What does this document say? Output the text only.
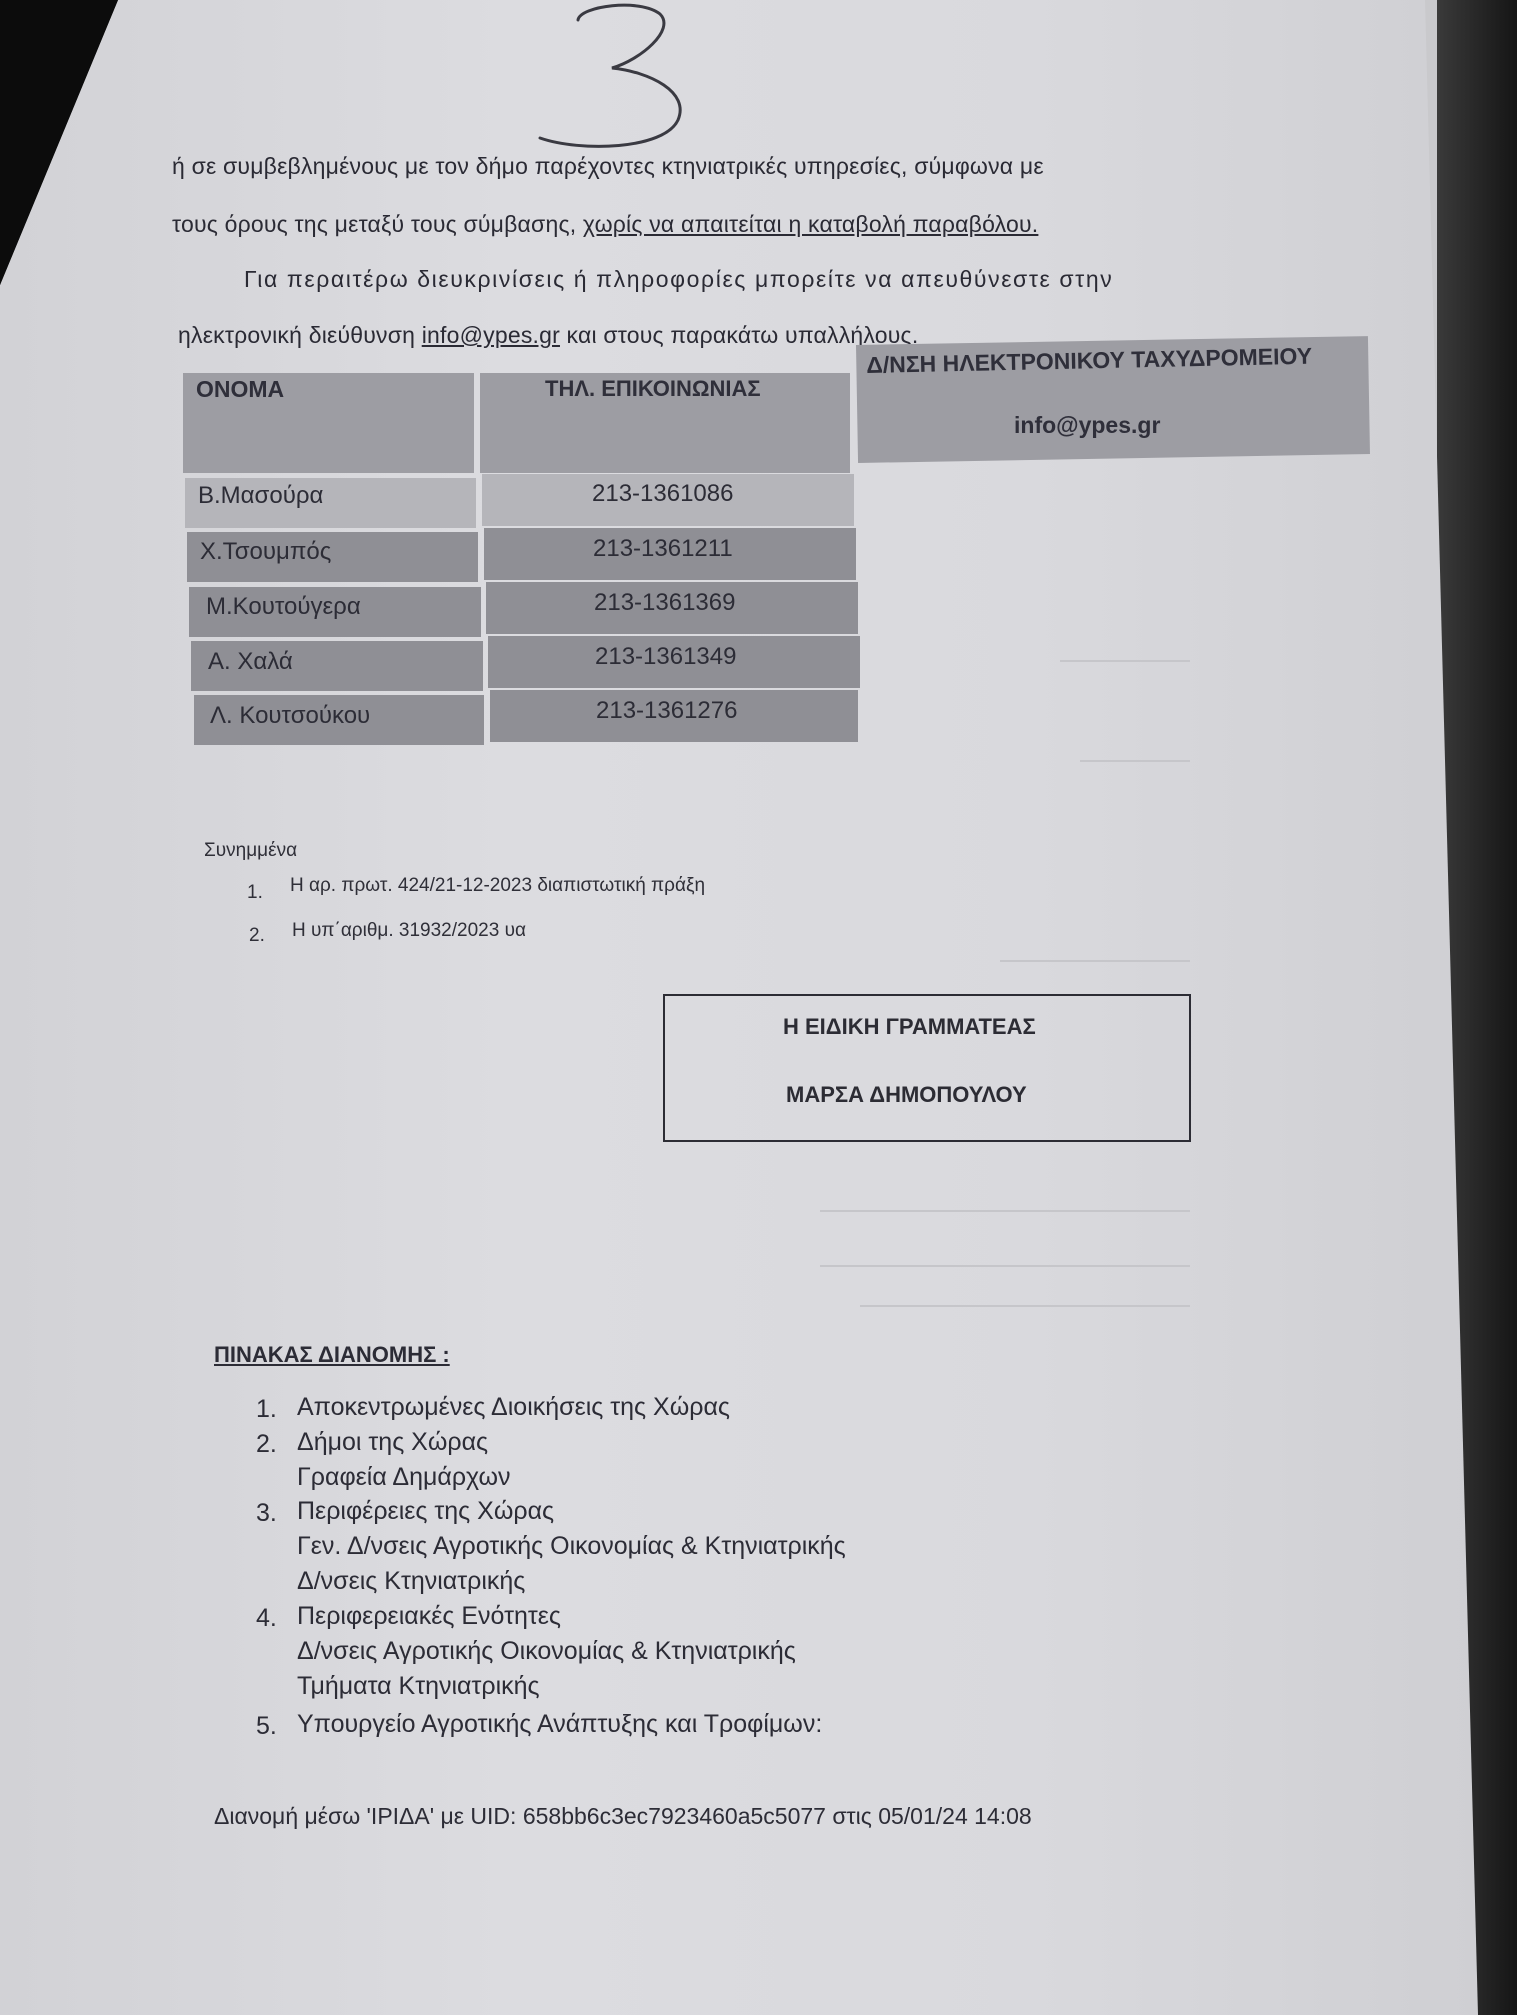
ή σε συμβεβλημένους με τον δήμο παρέχοντες κτηνιατρικές υπηρεσίες, σύμφωνα με
τους όρους της μεταξύ τους σύμβασης, χωρίς να απαιτείται η καταβολή παραβόλου.
Για περαιτέρω διευκρινίσεις ή πληροφορίες μπορείτε να απευθύνεστε στην
ηλεκτρονική διεύθυνση info@ypes.gr και στους παρακάτω υπαλλήλους.
ΟΝΟΜΑ	ΤΗΛ. ΕΠΙΚΟΙΝΩΝΙΑΣ
Δ/ΝΣΗ ΗΛΕΚΤΡΟΝΙΚΟΥ ΤΑΧΥΔΡΟΜΕΙΟΥ
info@ypes.gr
Β.Μασούρα	213-1361086
Χ.Τσουμπός	213-1361211
Μ.Κουτούγερα	213-1361369
Α. Χαλά	213-1361349
Λ. Κουτσούκου	213-1361276
Συνημμένα
1. Η αρ. πρωτ. 424/21-12-2023 διαπιστωτική πράξη
2. Η υπ΄αριθμ. 31932/2023 υα
Η ΕΙΔΙΚΗ ΓΡΑΜΜΑΤΕΑΣ
ΜΑΡΣΑ ΔΗΜΟΠΟΥΛΟΥ
ΠΙΝΑΚΑΣ ΔΙΑΝΟΜΗΣ :
1. Αποκεντρωμένες Διοικήσεις της Χώρας
2. Δήμοι της Χώρας
Γραφεία Δημάρχων
3. Περιφέρειες της Χώρας
Γεν. Δ/νσεις Αγροτικής Οικονομίας & Κτηνιατρικής
Δ/νσεις Κτηνιατρικής
4. Περιφερειακές Ενότητες
Δ/νσεις Αγροτικής Οικονομίας & Κτηνιατρικής
Τμήματα Κτηνιατρικής
5. Υπουργείο Αγροτικής Ανάπτυξης και Τροφίμων:
Διανομή μέσω 'ΙΡΙΔΑ' με UID: 658bb6c3ec7923460a5c5077 στις 05/01/24 14:08
